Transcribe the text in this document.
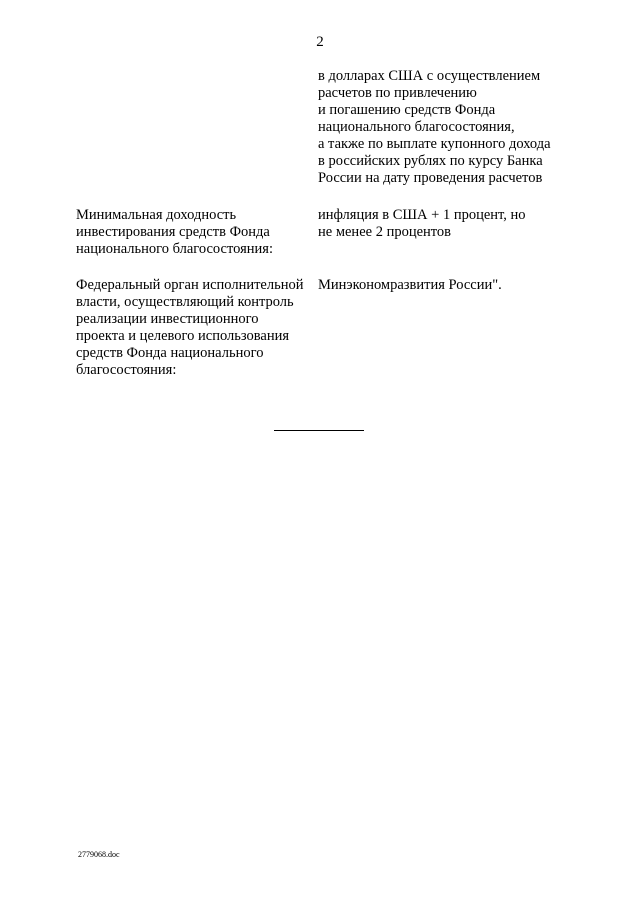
2
в долларах США с осуществлением
расчетов по привлечению
и погашению средств Фонда
национального благосостояния,
а также по выплате купонного дохода
в российских рублях по курсу Банка
России на дату проведения расчетов
Минимальная доходность
инвестирования средств Фонда
национального благосостояния:
инфляция в США + 1 процент, но
не менее 2 процентов
Федеральный орган исполнительной
власти, осуществляющий контроль
реализации инвестиционного
проекта и целевого использования
средств Фонда национального
благосостояния:
Минэкономразвития России".
2779068.doc
